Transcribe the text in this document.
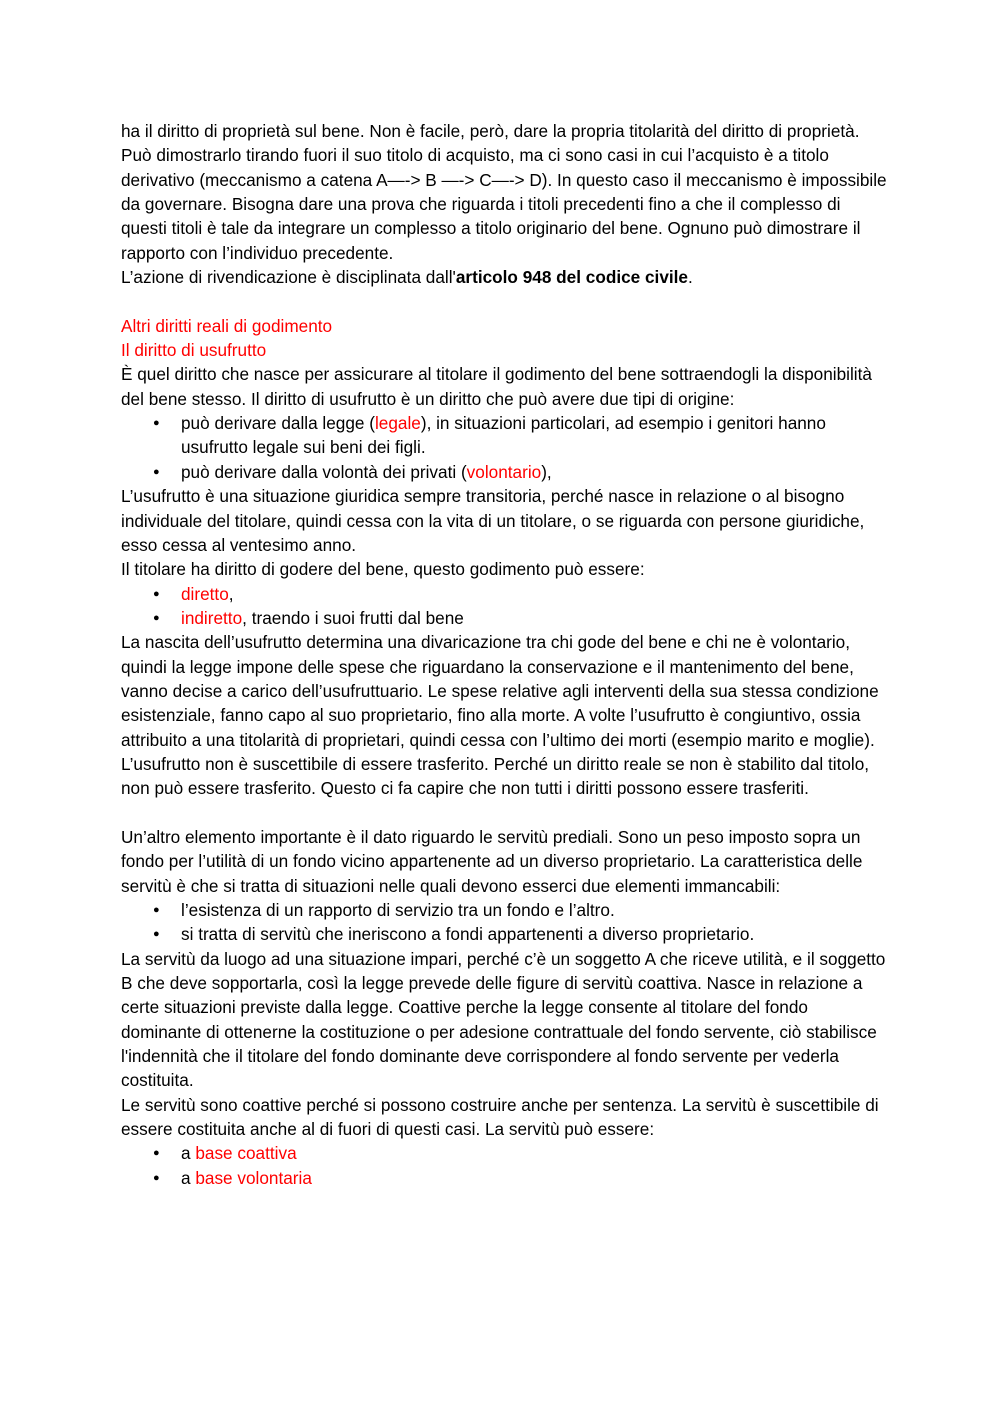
ha il diritto di proprietà sul bene. Non è facile, però, dare la propria titolarità del diritto di proprietà. Può dimostrarlo tirando fuori il suo titolo di acquisto, ma ci sono casi in cui l’acquisto è a titolo derivativo (meccanismo a catena A—-> B —-> C—-> D). In questo caso il meccanismo è impossibile da governare. Bisogna dare una prova che riguarda i titoli precedenti fino a che il complesso di questi titoli è tale da integrare un complesso a titolo originario del bene. Ognuno può dimostrare il rapporto con l’individuo precedente.

L’azione di rivendicazione è disciplinata dall'articolo 948 del codice civile.

Altri diritti reali di godimento

Il diritto di usufrutto

È quel diritto che nasce per assicurare al titolare il godimento del bene sottraendogli la disponibilità del bene stesso. Il diritto di usufrutto è un diritto che può avere due tipi di origine:

● può derivare dalla legge (legale), in situazioni particolari, ad esempio i genitori hanno usufrutto legale sui beni dei figli.
● può derivare dalla volontà dei privati (volontario),

L’usufrutto è una situazione giuridica sempre transitoria, perché nasce in relazione o al bisogno individuale del titolare, quindi cessa con la vita di un titolare, o se riguarda con persone giuridiche, esso cessa al ventesimo anno.

Il titolare ha diritto di godere del bene, questo godimento può essere:

● diretto,
● indiretto, traendo i suoi frutti dal bene

La nascita dell’usufrutto determina una divaricazione tra chi gode del bene e chi ne è volontario, quindi la legge impone delle spese che riguardano la conservazione e il mantenimento del bene, vanno decise a carico dell’usufruttuario. Le spese relative agli interventi della sua stessa condizione esistenziale, fanno capo al suo proprietario, fino alla morte. A volte l’usufrutto è congiuntivo, ossia attribuito a una titolarità di proprietari, quindi cessa con l’ultimo dei morti (esempio marito e moglie).

L’usufrutto non è suscettibile di essere trasferito. Perché un diritto reale se non è stabilito dal titolo, non può essere trasferito. Questo ci fa capire che non tutti i diritti possono essere trasferiti.

Un’altro elemento importante è il dato riguardo le servitù prediali. Sono un peso imposto sopra un fondo per l’utilità di un fondo vicino appartenente ad un diverso proprietario. La caratteristica delle servitù è che si tratta di situazioni nelle quali devono esserci due elementi immancabili:

● l’esistenza di un rapporto di servizio tra un fondo e l’altro.
● si tratta di servitù che ineriscono a fondi appartenenti a diverso proprietario.

La servitù da luogo ad una situazione impari, perché c’è un soggetto A che riceve utilità, e il soggetto B che deve sopportarla, così la legge prevede delle figure di servitù coattiva. Nasce in relazione a certe situazioni previste dalla legge. Coattive perche la legge consente al titolare del fondo dominante di ottenerne la costituzione o per adesione contrattuale del fondo servente, ciò stabilisce l'indennità che il titolare del fondo dominante deve corrispondere al fondo servente per vederla costituita.

Le servitù sono coattive perché si possono costruire anche per sentenza. La servitù è suscettibile di essere costituita anche al di fuori di questi casi. La servitù può essere:

● a base coattiva
● a base volontaria
